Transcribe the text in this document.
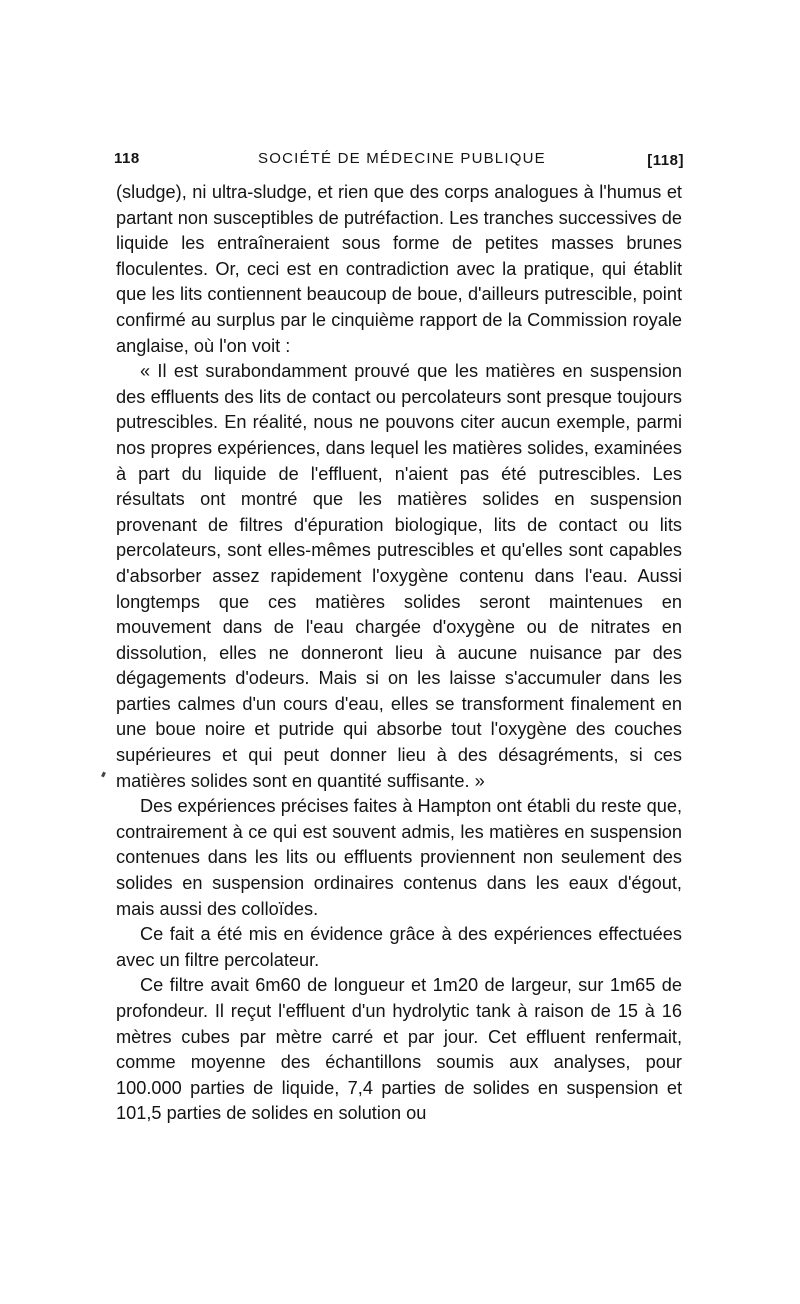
118	SOCIÉTÉ DE MÉDECINE PUBLIQUE	[118]

(sludge), ni ultra-sludge, et rien que des corps analogues à l'humus et partant non susceptibles de putréfaction. Les tranches successives de liquide les entraîneraient sous forme de petites masses brunes floculentes. Or, ceci est en contradiction avec la pratique, qui établit que les lits contiennent beaucoup de boue, d'ailleurs putrescible, point confirmé au surplus par le cinquième rapport de la Commission royale anglaise, où l'on voit :

« Il est surabondamment prouvé que les matières en suspension des effluents des lits de contact ou percolateurs sont presque toujours putrescibles. En réalité, nous ne pouvons citer aucun exemple, parmi nos propres expériences, dans lequel les matières solides, examinées à part du liquide de l'effluent, n'aient pas été putrescibles. Les résultats ont montré que les matières solides en suspension provenant de filtres d'épuration biologique, lits de contact ou lits percolateurs, sont elles-mêmes putrescibles et qu'elles sont capables d'absorber assez rapidement l'oxygène contenu dans l'eau. Aussi longtemps que ces matières solides seront maintenues en mouvement dans de l'eau chargée d'oxygène ou de nitrates en dissolution, elles ne donneront lieu à aucune nuisance par des dégagements d'odeurs. Mais si on les laisse s'accumuler dans les parties calmes d'un cours d'eau, elles se transforment finalement en une boue noire et putride qui absorbe tout l'oxygène des couches supérieures et qui peut donner lieu à des désagréments, si ces matières solides sont en quantité suffisante. »

Des expériences précises faites à Hampton ont établi du reste que, contrairement à ce qui est souvent admis, les matières en suspension contenues dans les lits ou effluents proviennent non seulement des solides en suspension ordinaires contenus dans les eaux d'égout, mais aussi des colloïdes.

Ce fait a été mis en évidence grâce à des expériences effectuées avec un filtre percolateur.

Ce filtre avait 6m60 de longueur et 1m20 de largeur, sur 1m65 de profondeur. Il reçut l'effluent d'un hydrolytic tank à raison de 15 à 16 mètres cubes par mètre carré et par jour. Cet effluent renfermait, comme moyenne des échantillons soumis aux analyses, pour 100.000 parties de liquide, 7,4 parties de solides en suspension et 101,5 parties de solides en solution ou
